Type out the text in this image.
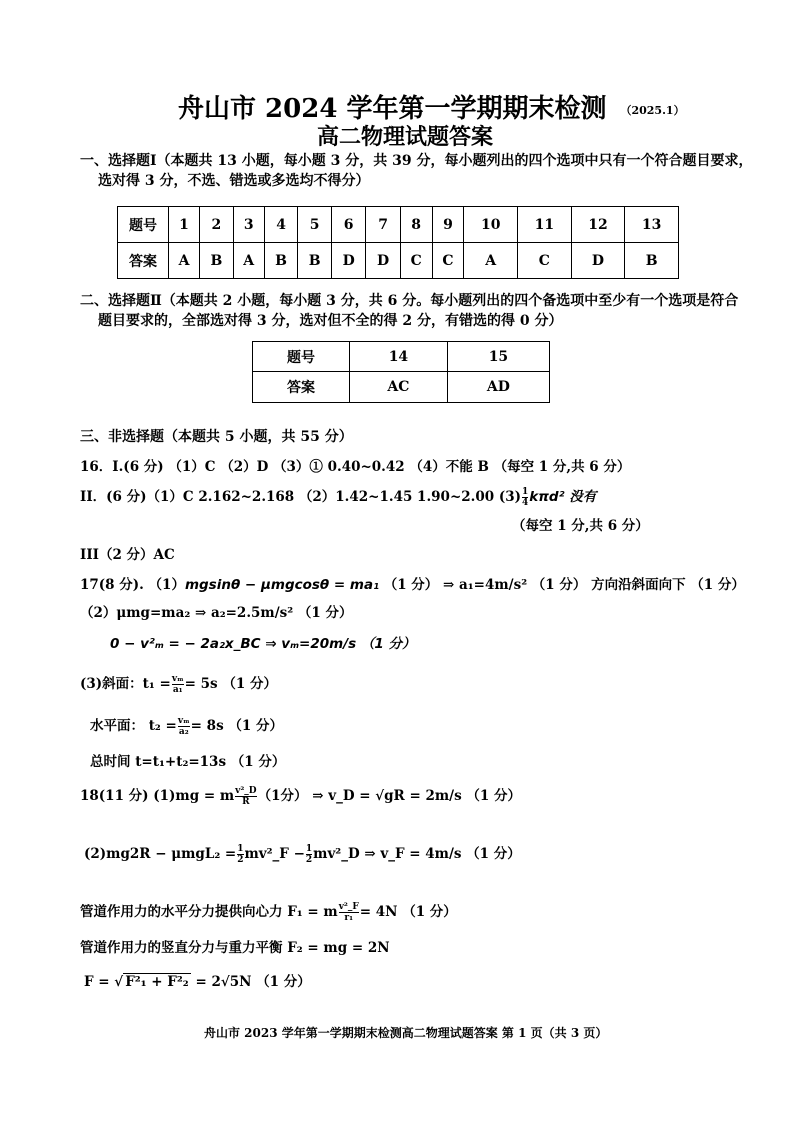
舟山市 2024 学年第一学期期末检测 （2025.1）
高二物理试题答案
一、选择题Ⅰ（本题共 13 小题，每小题 3 分，共 39 分，每小题列出的四个选项中只有一个符合题目要求，
选对得 3 分，不选、错选或多选均不得分）
题号	1	2	3	4	5	6	7	8	9	10	11	12	13
答案	A	B	A	B	B	D	D	C	C	A	C	D	B
二、选择题Ⅱ（本题共 2 小题，每小题 3 分，共 6 分。每小题列出的四个备选项中至少有一个选项是符合
题目要求的，全部选对得 3 分，选对但不全的得 2 分，有错选的得 0 分）
题号	14	15
答案	AC	AD
三、非选择题（本题共 5 小题，共 55 分）
16．I.(6 分) （1）C （2）D （3）① 0.40~0.42 （4）不能 B （每空 1 分,共 6 分）
II．(6 分)（1）C 2.162~2.168 （2）1.42~1.45 1.90~2.00 $(3) \frac{1}{4} k\pi d^2$ 没有
（每空 1 分,共 6 分）
III（2 分）AC
17(8 分). （1）mgsinθ − μmgcosθ = ma₁ （1 分） ⇒ a₁=4m/s² （1 分） 方向沿斜面向下 （1 分）
（2）μmg=ma₂ ⇒ a₂=2.5m/s² （1 分）
0 − v²ₘ = − 2a₂x_BC ⇒ vₘ=20m/s （1 分）
(3)斜面：$t_1 = \frac{\text{vₘ}}{\text{a₁}} = 5s$ （1 分）
水平面： $t_2 = \frac{\text{vₘ}}{\text{a₂}} = 8s$ （1 分）
总时间 t=t₁+t₂=13s （1 分）
18(11 分) (1)mg = m $\frac{\text{v²\_D}}{R} (1$分） ⇒ v_D = √gR = 2m/s （1 分）
$(2)mg2R - \mu mgL_2 = \frac{1}{2}$ mv²_F − $\frac{1}{2}$ mv²_D ⇒ v_F = 4m/s （1 分）
管道作用力的水平分力提供向心力 F₁ = m $\frac{\text{v²\_F}}{\text{r₁}} = 4N$ （1 分）
管道作用力的竖直分力与重力平衡 F₂ = mg = 2N
F = √ F²₁ + F²₂ = 2√5N （1 分）
舟山市 2023 学年第一学期期末检测高二物理试题答案 第 1 页（共 3 页）
